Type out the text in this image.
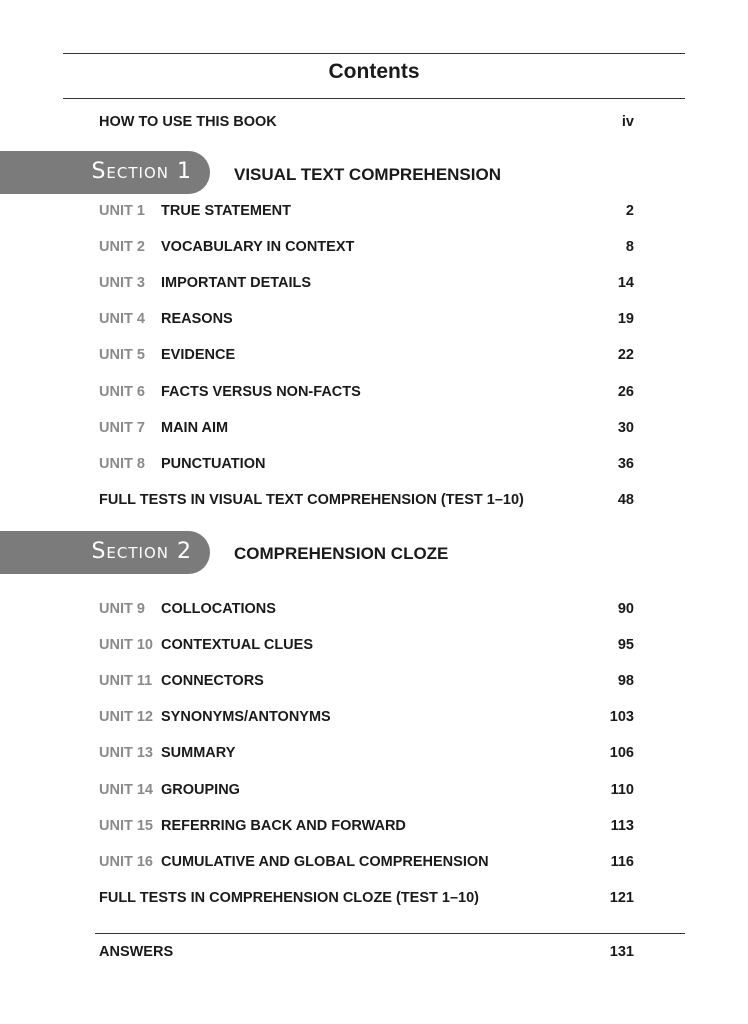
Contents
HOW TO USE THIS BOOK	iv
Section 1 VISUAL TEXT COMPREHENSION
UNIT 1 TRUE STATEMENT	2
UNIT 2 VOCABULARY IN CONTEXT	8
UNIT 3 IMPORTANT DETAILS	14
UNIT 4 REASONS	19
UNIT 5 EVIDENCE	22
UNIT 6 FACTS VERSUS NON-FACTS	26
UNIT 7 MAIN AIM	30
UNIT 8 PUNCTUATION	36
FULL TESTS IN VISUAL TEXT COMPREHENSION (TEST 1–10)	48
Section 2 COMPREHENSION CLOZE
UNIT 9 COLLOCATIONS	90
UNIT 10 CONTEXTUAL CLUES	95
UNIT 11 CONNECTORS	98
UNIT 12 SYNONYMS/ANTONYMS	103
UNIT 13 SUMMARY	106
UNIT 14 GROUPING	110
UNIT 15 REFERRING BACK AND FORWARD	113
UNIT 16 CUMULATIVE AND GLOBAL COMPREHENSION	116
FULL TESTS IN COMPREHENSION CLOZE (TEST 1–10)	121
ANSWERS	131
